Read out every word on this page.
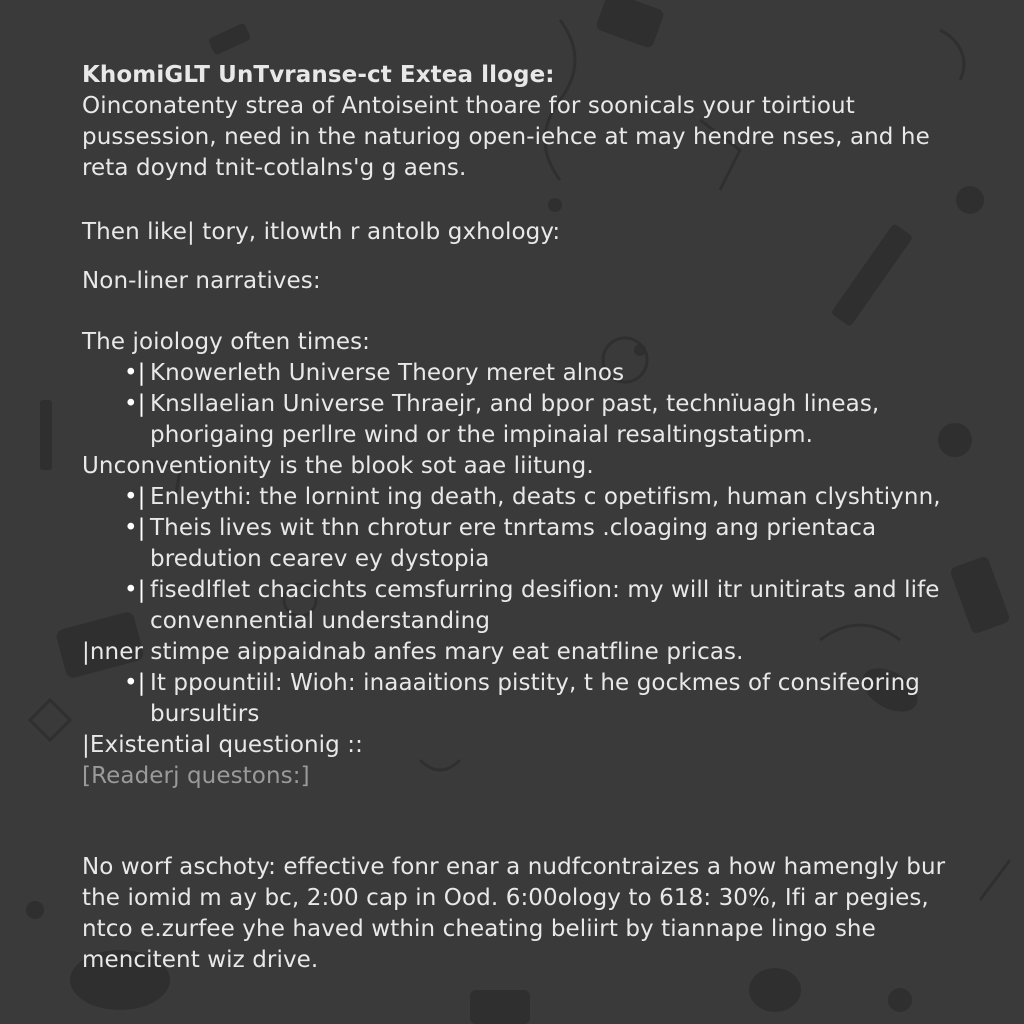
KhomiGLT UnTvranse-ct Extea llogе:

Oinconatenty strea of Antoiseint thoare for soonicals your toirtiout pussession, need in the naturiog open-iehce at may hendre nses, and he reta doynd tnit-cotlalns'g g aens.

Then like| tory, itlowth r antolb gxhology:

Non-liner narratives:

The joiology often times:

•| Knowerleth Universe Theory meret alnos
•| Knsllaelian Universe Thraejr, and bpor past, technïuagh lineas, phorigaing perllre wind or the impinaial resaltingstatipm.

Unconventionity is the blook sot aae liitung.

•| Enleythi: the lornint ing death, deats c opetifism, human clyshtiynn,
•| Theis lives wit thn chrotur ere tnrtams .cloaging ang prientaca bredution cearev ey dystopia
•| fisedlflet chacichts cemsfurring desifion: my will itr unitirats and life convennential understanding

|nner stimpe aippaidnab anfes mary eat enatfline pricas.

•| It ppountiil: Wioh: inaaaitions pistity, t he gockmes of consifeoring bursultirs

|Existential questionig ::

[Readerj questons:]

No worf aschoty: effective fonr enar a nudfcontraizes a how hamengly bur the iomid m ay bc, 2:00 cap in Ood. 6:00ology to 618: 30%, Ifi ar pegies, ntco e.zurfee yhe haved wthin cheating beliirt by tiannape lingo she mencitent wiz drive.
